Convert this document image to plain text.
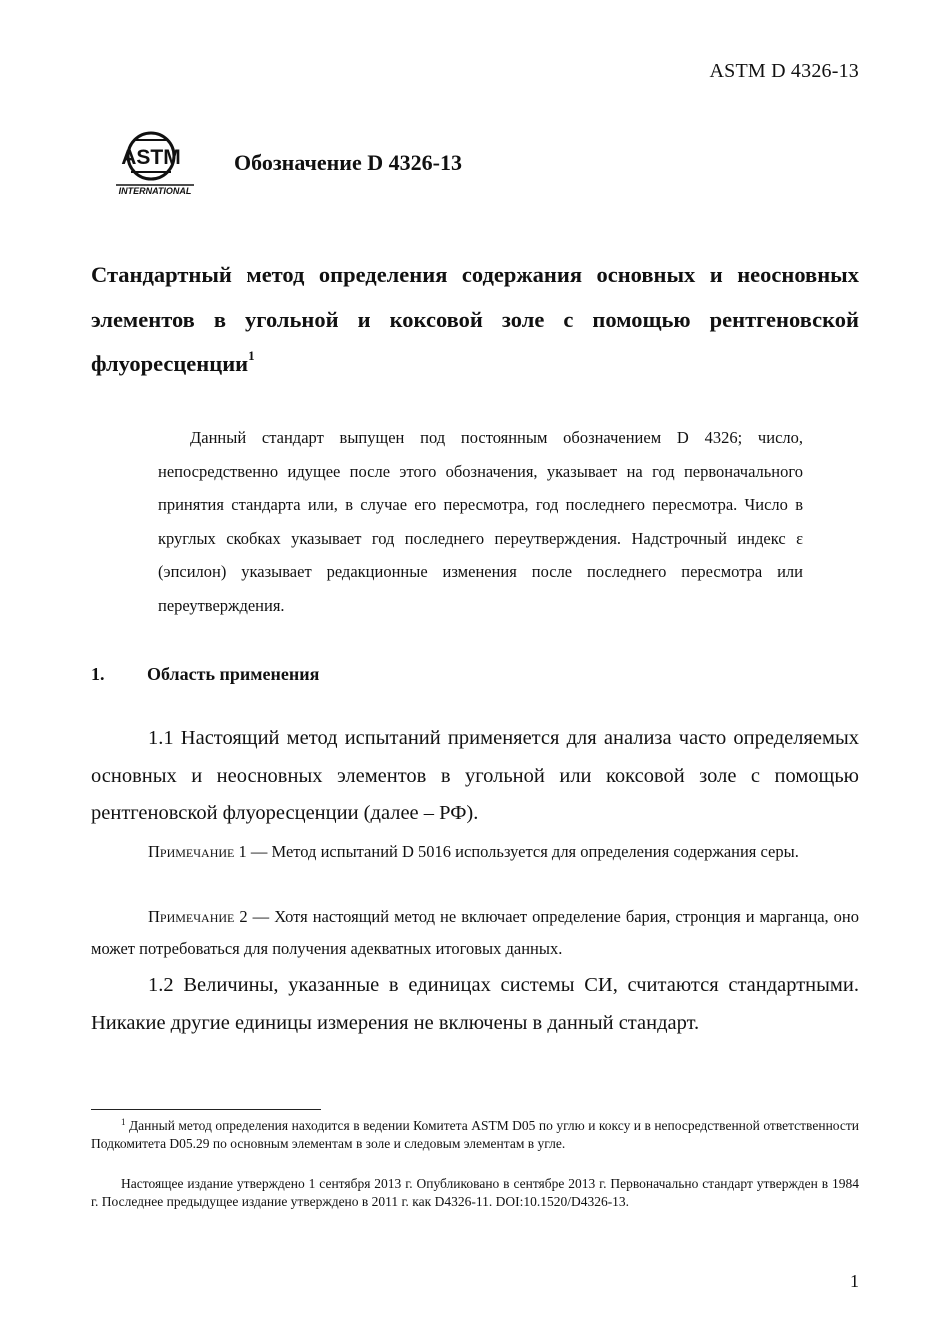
ASTM D 4326-13
ASTM
INTERNATIONAL
Обозначение D 4326-13
Стандартный метод определения содержания основных и неосновных элементов в угольной и коксовой золе с помощью рентгеновской флуоресценции$^1$

Данный стандарт выпущен под постоянным обозначением D 4326; число, непосредственно идущее после этого обозначения, указывает на год первоначального принятия стандарта или, в случае его пересмотра, год последнего пересмотра. Число в круглых скобках указывает год последнего переутверждения. Надстрочный индекс ε (эпсилон) указывает редакционные изменения после последнего пересмотра или переутверждения.

1. Область применения

1.1 Настоящий метод испытаний применяется для анализа часто определяемых основных и неосновных элементов в угольной или коксовой золе с помощью рентгеновской флуоресценции (далее – РФ).

Примечание 1 — Метод испытаний D 5016 используется для определения содержания серы.

Примечание 2 — Хотя настоящий метод не включает определение бария, стронция и марганца, оно может потребоваться для получения адекватных итоговых данных.

1.2 Величины, указанные в единицах системы СИ, считаются стандартными. Никакие другие единицы измерения не включены в данный стандарт.

$^1$ Данный метод определения находится в ведении Комитета ASTM D05 по углю и коксу и в непосредственной ответственности Подкомитета D05.29 по основным элементам в золе и следовым элементам в угле.

Настоящее издание утверждено 1 сентября 2013 г. Опубликовано в сентябре 2013 г. Первоначально стандарт утвержден в 1984 г. Последнее предыдущее издание утверждено в 2011 г. как D4326-11. DOI:10.1520/D4326-13.

1
